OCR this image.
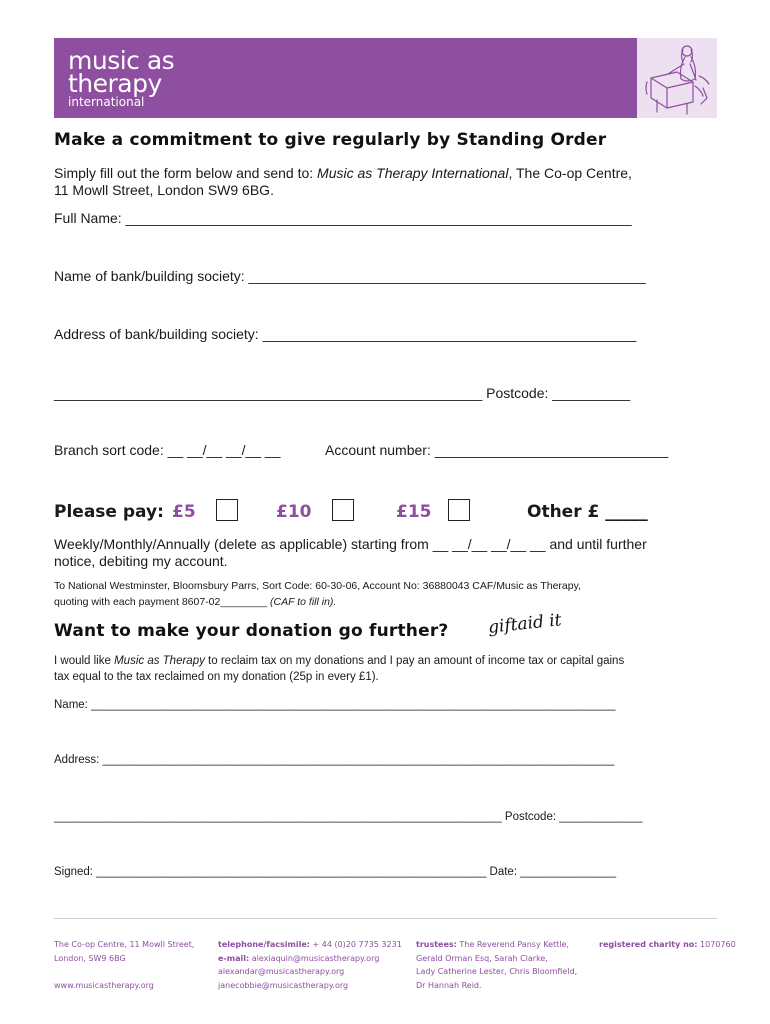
music as
therapy
international
Make a commitment to give regularly by Standing Order
Simply fill out the form below and send to: Music as Therapy International, The Co-op Centre,
11 Mowll Street, London SW9 6BG.
Full Name: _________________________________________________________________
Name of bank/building society: ___________________________________________________
Address of bank/building society: ________________________________________________
_______________________________________________________ Postcode: __________
Branch sort code: __ __/__ __/__ __	Account number: ______________________________
Please pay: £5	£10	£15	Other £ _____
Weekly/Monthly/Annually (delete as applicable) starting from __ __/__ __/__ __ and until further
notice, debiting my account.
To National Westminster, Bloomsbury Parrs, Sort Code: 60-30-06, Account No: 36880043 CAF/Music as Therapy,
quoting with each payment 8607-02________ (CAF to fill in).
Want to make your donation go further? giftaid it
I would like Music as Therapy to reclaim tax on my donations and I pay an amount of income tax or capital gains
tax equal to the tax reclaimed on my donation (25p in every £1).
Name: __________________________________________________________________________________
Address: ________________________________________________________________________________
______________________________________________________________________ Postcode: _____________
Signed: _____________________________________________________________ Date: _______________
The Co-op Centre, 11 Mowll Street,
London, SW9 6BG

www.musicastherapy.org
telephone/facsimile: + 44 (0)20 7735 3231
e-mail: alexiaquin@musicastherapy.org
alexandar@musicastherapy.org
janecobbie@musicastherapy.org
trustees: The Reverend Pansy Kettle,
Gerald Orman Esq, Sarah Clarke,
Lady Catherine Lester, Chris Bloomfield,
Dr Hannah Reid.
registered charity no: 1070760
